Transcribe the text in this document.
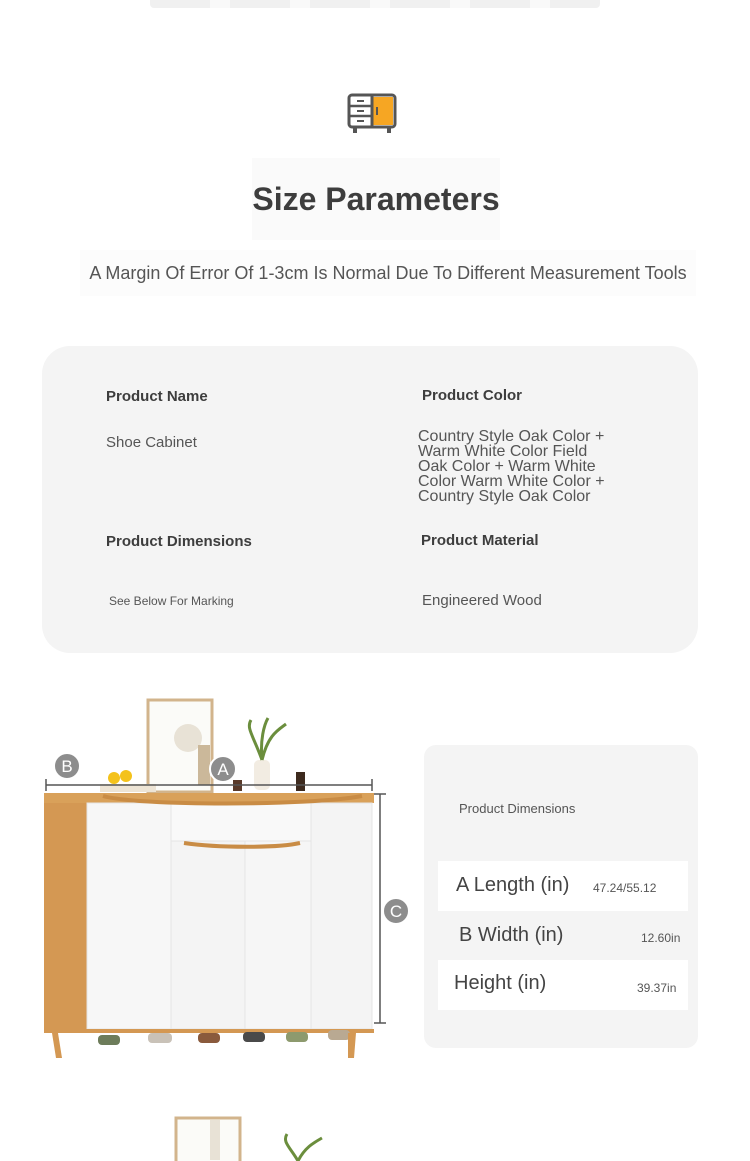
Size Parameters
A Margin Of Error Of 1-3cm Is Normal Due To Different Measurement Tools
Product Name
Shoe Cabinet
Product Color
Country Style Oak Color +
Warm White Color Field
Oak Color + Warm White
Color Warm White Color +
Country Style Oak Color
Product Dimensions
See Below For Marking
Product Material
Engineered Wood
B	A
C
Product Dimensions
A Length (in) 47.24/55.12
B Width (in)	12.60in
Height (in)	39.37in
